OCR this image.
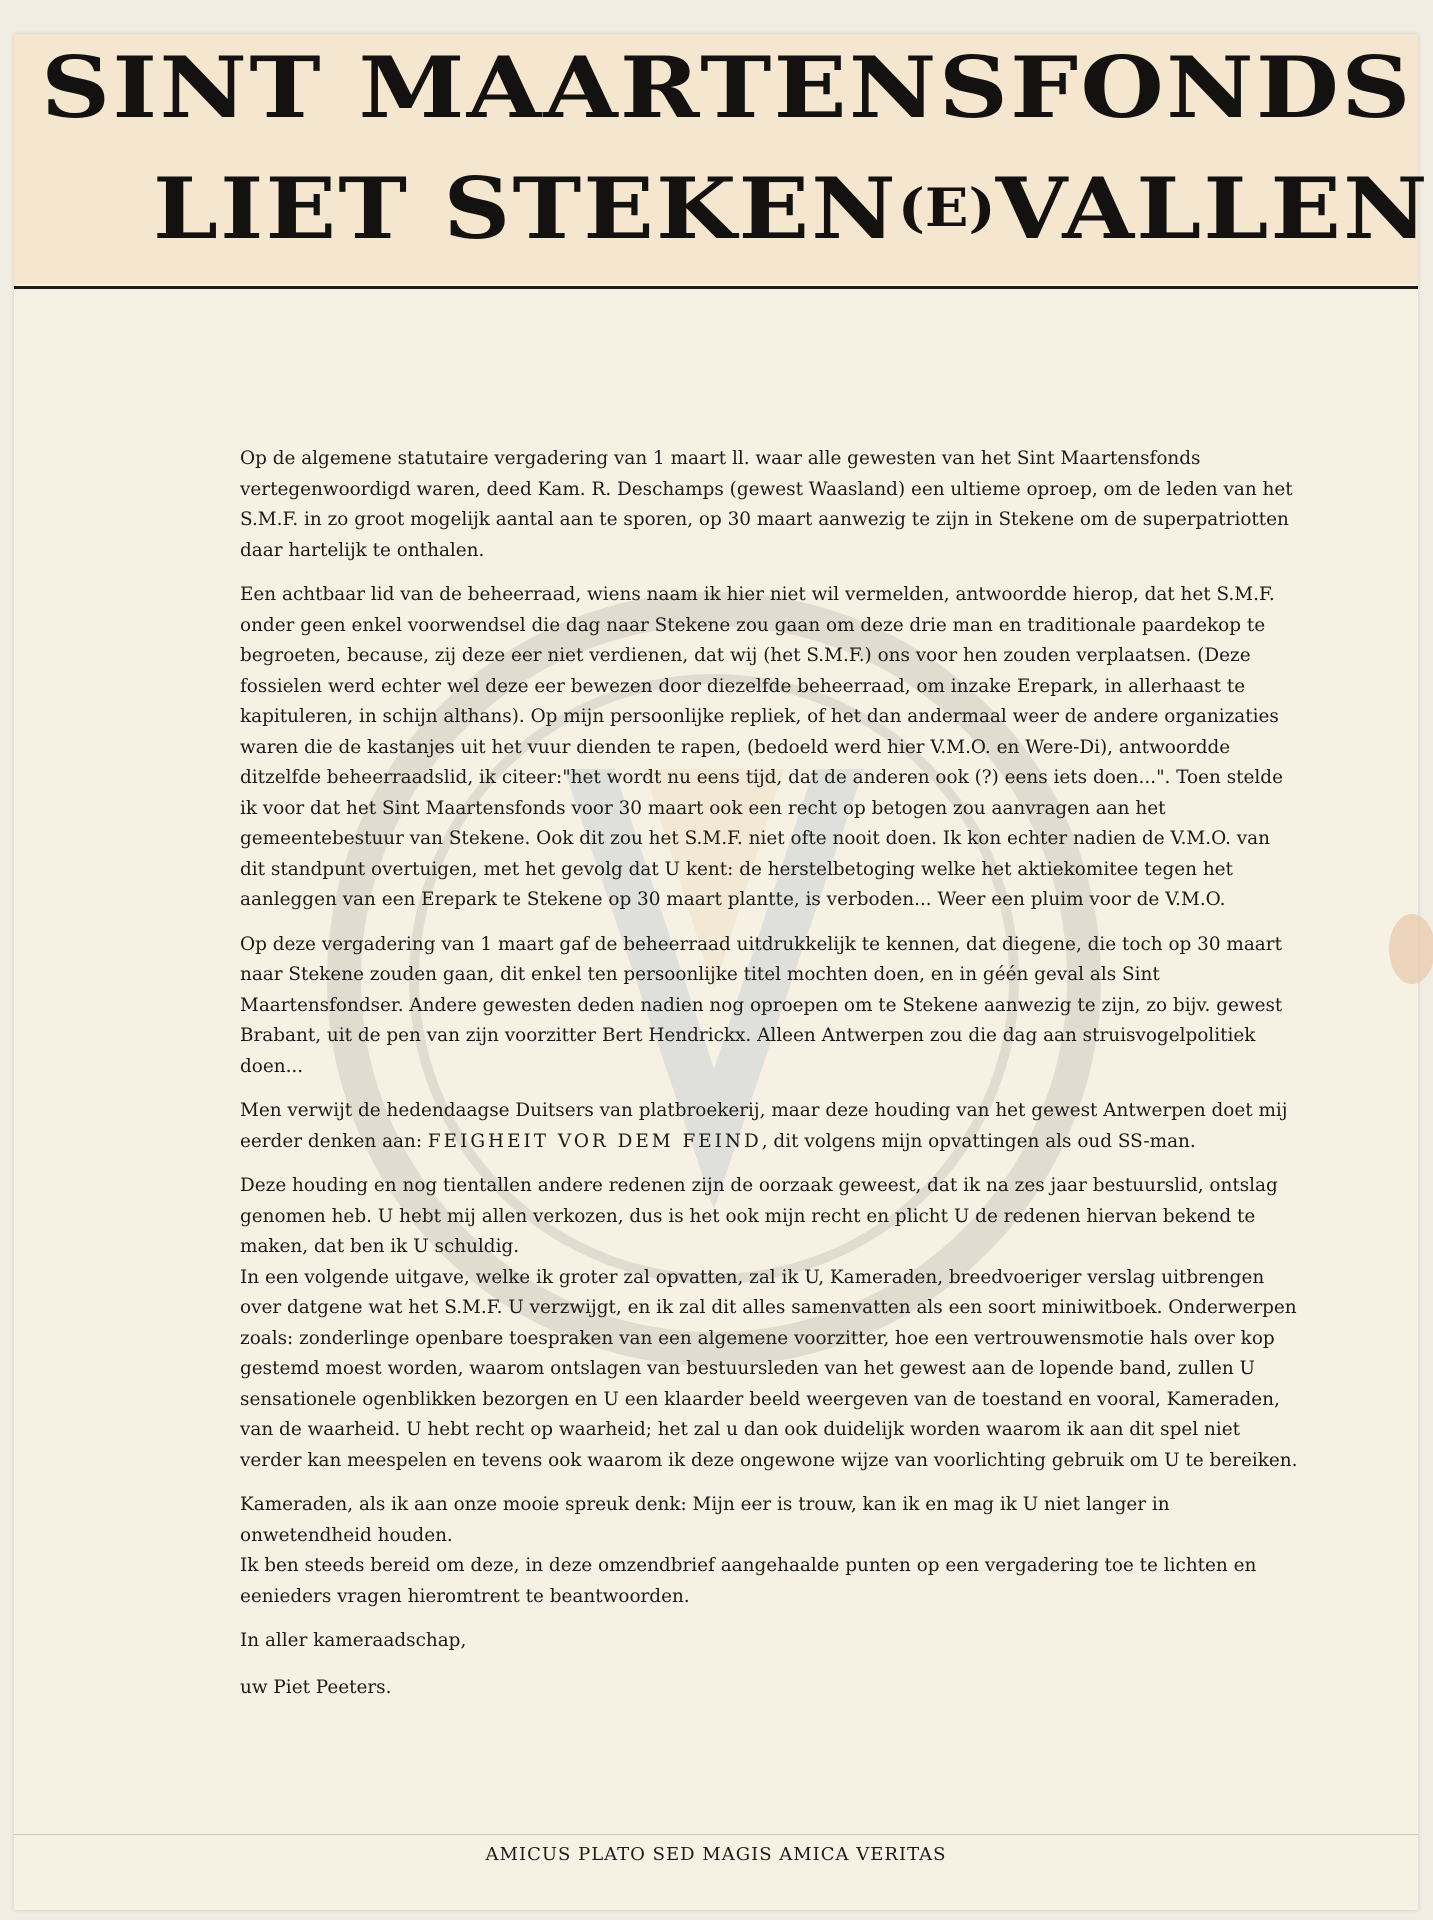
SINT MAARTENSFONDS
LIET STEKEN(E)VALLEN

Op de algemene statutaire vergadering van 1 maart ll. waar alle gewesten van het Sint Maartensfonds vertegenwoordigd waren, deed Kam. R. Deschamps (gewest Waasland) een ultieme oproep, om de leden van het S.M.F. in zo groot mogelijk aantal aan te sporen, op 30 maart aanwezig te zijn in Stekene om de superpatriotten daar hartelijk te onthalen.

Een achtbaar lid van de beheerraad, wiens naam ik hier niet wil vermelden, antwoordde hierop, dat het S.M.F. onder geen enkel voorwendsel die dag naar Stekene zou gaan om deze drie man en traditionale paardekop te begroeten, because, zij deze eer niet verdienen, dat wij (het S.M.F.) ons voor hen zouden verplaatsen. (Deze fossielen werd echter wel deze eer bewezen door diezelfde beheerraad, om inzake Erepark, in allerhaast te kapituleren, in schijn althans). Op mijn persoonlijke repliek, of het dan andermaal weer de andere organizaties waren die de kastanjes uit het vuur dienden te rapen, (bedoeld werd hier V.M.O. en Were-Di), antwoordde ditzelfde beheerraadslid, ik citeer:"het wordt nu eens tijd, dat de anderen ook (?) eens iets doen...". Toen stelde ik voor dat het Sint Maartensfonds voor 30 maart ook een recht op betogen zou aanvragen aan het gemeentebestuur van Stekene. Ook dit zou het S.M.F. niet ofte nooit doen. Ik kon echter nadien de V.M.O. van dit standpunt overtuigen, met het gevolg dat U kent: de herstelbetoging welke het aktiekomitee tegen het aanleggen van een Erepark te Stekene op 30 maart plantte, is verboden... Weer een pluim voor de V.M.O.

Op deze vergadering van 1 maart gaf de beheerraad uitdrukkelijk te kennen, dat diegene, die toch op 30 maart naar Stekene zouden gaan, dit enkel ten persoonlijke titel mochten doen, en in géén geval als Sint Maartensfondser. Andere gewesten deden nadien nog oproepen om te Stekene aanwezig te zijn, zo bijv. gewest Brabant, uit de pen van zijn voorzitter Bert Hendrickx. Alleen Antwerpen zou die dag aan struisvogelpolitiek doen...

Men verwijt de hedendaagse Duitsers van platbroekerij, maar deze houding van het gewest Antwerpen doet mij eerder denken aan: FEIGHEIT VOR DEM FEIND, dit volgens mijn opvattingen als oud SS-man.

Deze houding en nog tientallen andere redenen zijn de oorzaak geweest, dat ik na zes jaar bestuurslid, ontslag genomen heb. U hebt mij allen verkozen, dus is het ook mijn recht en plicht U de redenen hiervan bekend te maken, dat ben ik U schuldig.

In een volgende uitgave, welke ik groter zal opvatten, zal ik U, Kameraden, breedvoeriger verslag uitbrengen over datgene wat het S.M.F. U verzwijgt, en ik zal dit alles samenvatten als een soort miniwitboek. Onderwerpen zoals: zonderlinge openbare toespraken van een algemene voorzitter, hoe een vertrouwensmotie hals over kop gestemd moest worden, waarom ontslagen van bestuursleden van het gewest aan de lopende band, zullen U sensationele ogenblikken bezorgen en U een klaarder beeld weergeven van de toestand en vooral, Kameraden, van de waarheid. U hebt recht op waarheid; het zal u dan ook duidelijk worden waarom ik aan dit spel niet verder kan meespelen en tevens ook waarom ik deze ongewone wijze van voorlichting gebruik om U te bereiken.

Kameraden, als ik aan onze mooie spreuk denk: Mijn eer is trouw, kan ik en mag ik U niet langer in onwetendheid houden.

Ik ben steeds bereid om deze, in deze omzendbrief aangehaalde punten op een vergadering toe te lichten en eenieders vragen hieromtrent te beantwoorden.

In aller kameraadschap,

uw Piet Peeters.

AMICUS PLATO SED MAGIS AMICA VERITAS
